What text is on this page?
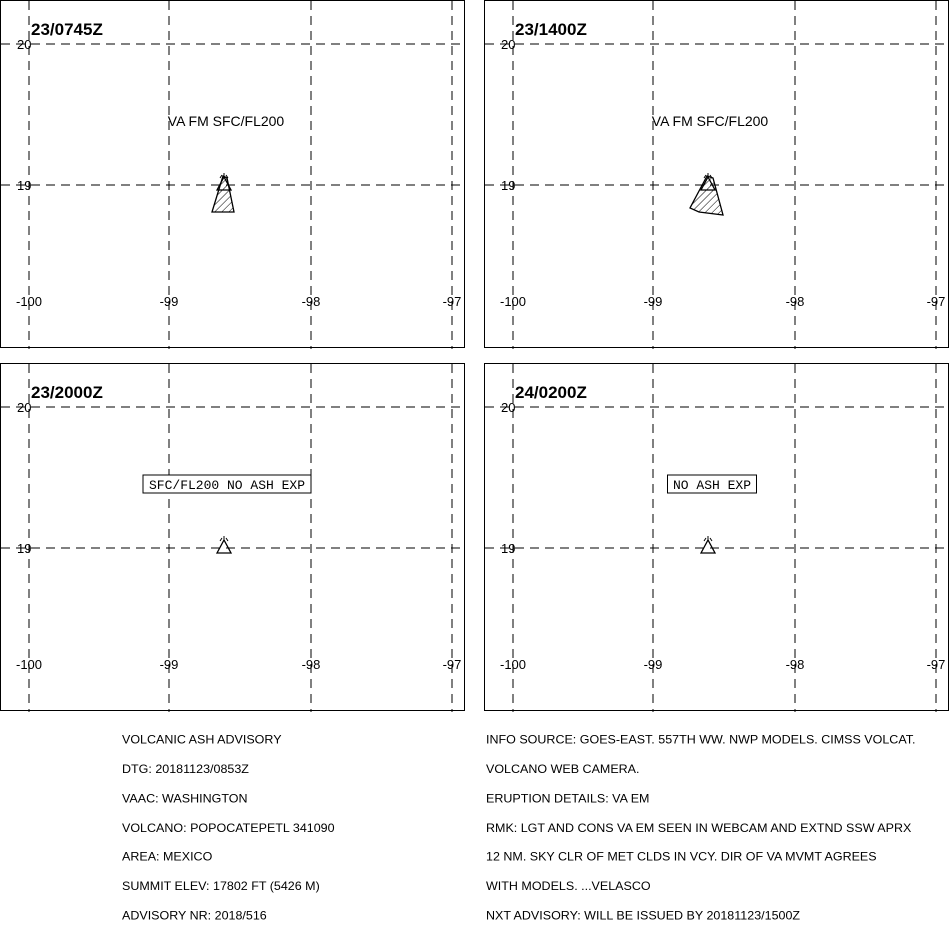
20
19
-100	-99	-98	-97
23/0745Z
VA FM SFC/FL200
20
19
-100	-99	-98	-97
23/1400Z
VA FM SFC/FL200
20
19
-100	-99	-98	-97
23/2000Z
SFC/FL200 NO ASH EXP
20
19
-100	-99	-98	-97
24/0200Z
NO ASH EXP

VOLCANIC ASH ADVISORY

DTG: 20181123/0853Z

VAAC: WASHINGTON

VOLCANO: POPOCATEPETL 341090

AREA: MEXICO

SUMMIT ELEV: 17802 FT (5426 M)

ADVISORY NR: 2018/516

INFO SOURCE: GOES-EAST. 557TH WW. NWP MODELS. CIMSS VOLCAT.

VOLCANO WEB CAMERA.

ERUPTION DETAILS: VA EM

RMK: LGT AND CONS VA EM SEEN IN WEBCAM AND EXTND SSW APRX

12 NM. SKY CLR OF MET CLDS IN VCY. DIR OF VA MVMT AGREES

WITH MODELS. ...VELASCO

NXT ADVISORY: WILL BE ISSUED BY 20181123/1500Z
